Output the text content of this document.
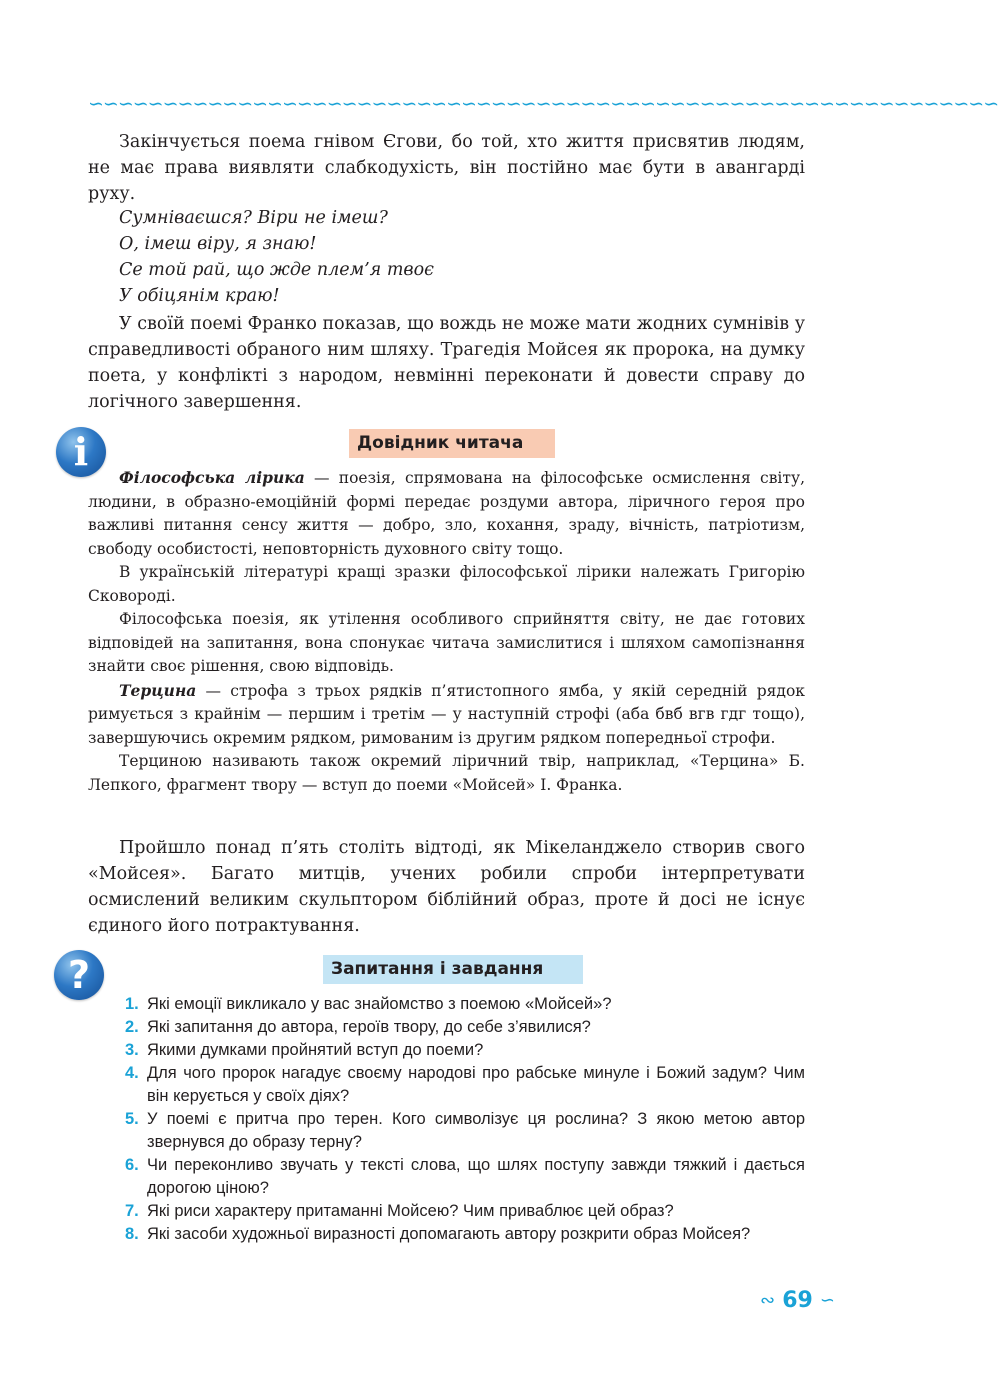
∽∽∽∽∽∽∽∽∽∽∽∽∽∽∽∽∽∽∽∽∽∽∽∽∽∽∽∽∽∽∽∽∽∽∽∽∽∽∽∽∽∽∽∽∽∽∽∽∽∽∽∽∽∽∽∽∽∽∽∽∽

Закінчується поема гнівом Єгови, бо той, хто життя присвятив людям, не має права виявляти слабкодухість, він постійно має бути в авангарді руху.

Сумніваєшся? Віри не імеш?
О, імеш віру, я знаю!
Се той рай, що жде плем’я твоє
У обіцянім краю!

У своїй поемі Франко показав, що вождь не може мати жодних сумнівів у справедливості обраного ним шляху. Трагедія Мойсея як пророка, на думку поета, у конфлікті з народом, невмінні переконати й довести справу до логічного завершення.

i	Довідник читача

Філософська лірика — поезія, спрямована на філософське осмислення світу, людини, в образно-емоційній формі передає роздуми автора, ліричного героя про важливі питання сенсу життя — добро, зло, кохання, зраду, вічність, патріотизм, свободу особистості, неповторність духовного світу тощо.

В українській літературі кращі зразки філософської лірики належать Григорію Сковороді.

Філософська поезія, як утілення особливого сприйняття світу, не дає готових відповідей на запитання, вона спонукає читача замислитися і шляхом самопізнання знайти своє рішення, свою відповідь.

Терцина — строфа з трьох рядків п’ятистопного ямба, у якій середній рядок римується з крайнім — першим і третім — у наступній строфі (аба бвб вгв гдг тощо), завершуючись окремим рядком, римованим із другим рядком попередньої строфи.

Терциною називають також окремий ліричний твір, наприклад, «Терцина» Б. Лепкого, фрагмент твору — вступ до поеми «Мойсей» І. Франка.

Пройшло понад п’ять століть відтоді, як Мікеланджело створив свого «Мойсея». Багато митців, учених робили спроби інтерпретувати осмислений великим скульптором біблійний образ, проте й досі не існує єдиного його потрактування.

?	Запитання і завдання
1. Які емоції викликало у вас знайомство з поемою «Мойсей»?
2. Які запитання до автора, героїв твору, до себе з’явилися?
3. Якими думками пройнятий вступ до поеми?
4. Для чого пророк нагадує своєму народові про рабське минуле і Божий задум? Чим він керується у своїх діях?
5. У поемі є притча про терен. Кого символізує ця рослина? З якою метою автор звернувся до образу терну?
6. Чи переконливо звучать у тексті слова, що шлях поступу завжди тяжкий і дається дорогою ціною?
7. Які риси характеру притаманні Мойсею? Чим приваблює цей образ?
8. Які засоби художньої виразності допомагають автору розкрити образ Мойсея?
∾ 69 ∽
